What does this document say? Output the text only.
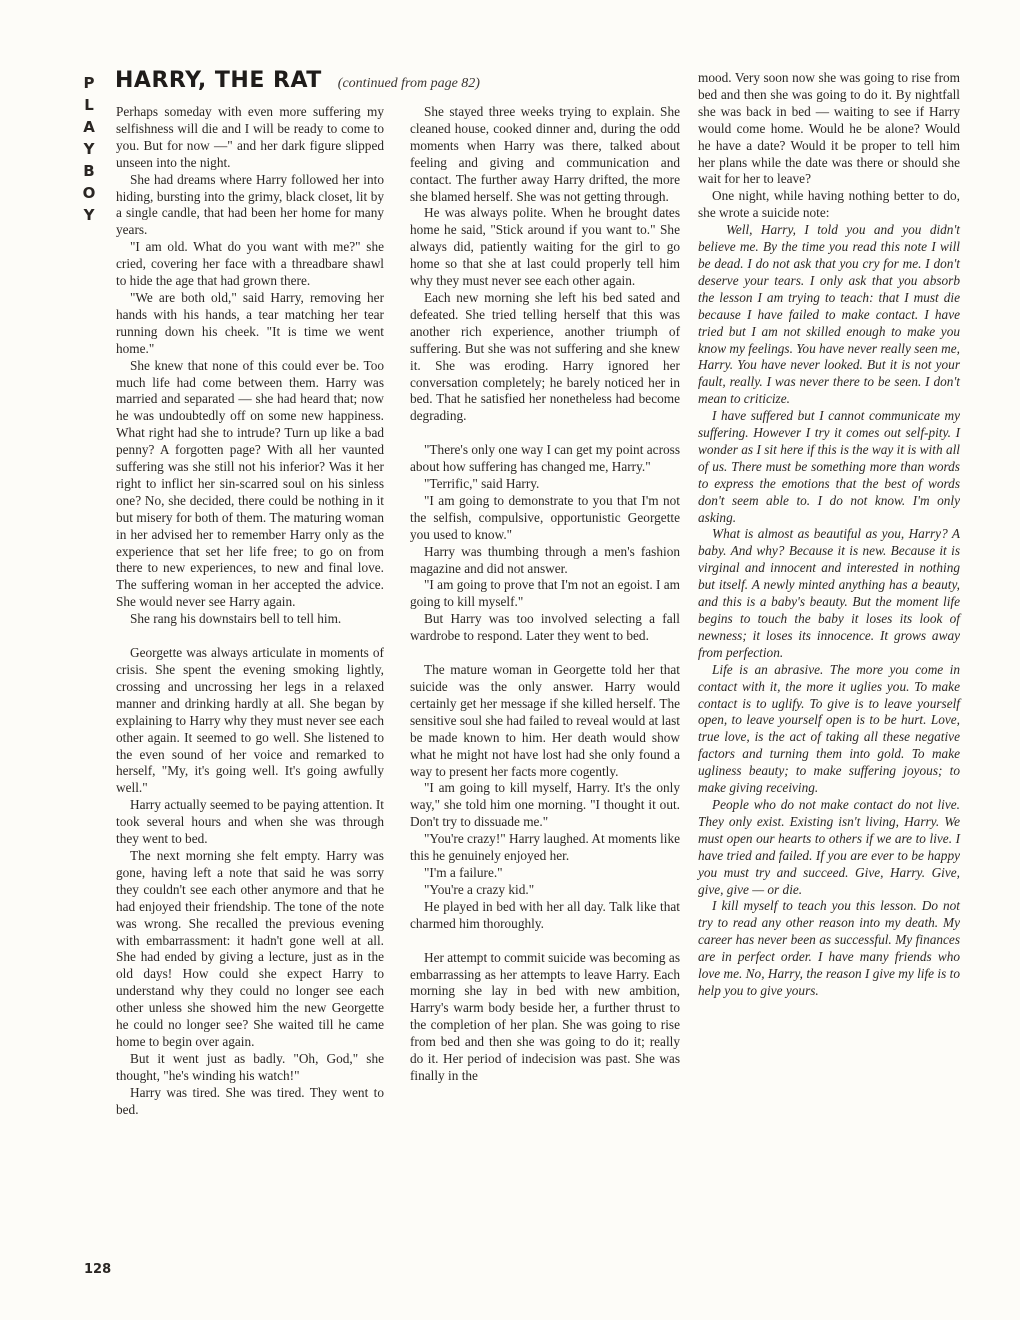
P
L
A
Y
B
O
Y
HARRY, THE RAT (continued from page 82)

Perhaps someday with even more suffering my selfishness will die and I will be ready to come to you. But for now —" and her dark figure slipped unseen into the night.

She had dreams where Harry followed her into hiding, bursting into the grimy, black closet, lit by a single candle, that had been her home for many years.

"I am old. What do you want with me?" she cried, covering her face with a threadbare shawl to hide the age that had grown there.

"We are both old," said Harry, removing her hands with his hands, a tear matching her tear running down his cheek. "It is time we went home."

She knew that none of this could ever be. Too much life had come between them. Harry was married and separated — she had heard that; now he was undoubtedly off on some new happiness. What right had she to intrude? Turn up like a bad penny? A forgotten page? With all her vaunted suffering was she still not his inferior? Was it her right to inflict her sin-scarred soul on his sinless one? No, she decided, there could be nothing in it but misery for both of them. The maturing woman in her advised her to remember Harry only as the experience that set her life free; to go on from there to new experiences, to new and final love. The suffering woman in her accepted the advice. She would never see Harry again.

She rang his downstairs bell to tell him.

Georgette was always articulate in moments of crisis. She spent the evening smoking lightly, crossing and uncrossing her legs in a relaxed manner and drinking hardly at all. She began by explaining to Harry why they must never see each other again. It seemed to go well. She listened to the even sound of her voice and remarked to herself, "My, it's going well. It's going awfully well."

Harry actually seemed to be paying attention. It took several hours and when she was through they went to bed.

The next morning she felt empty. Harry was gone, having left a note that said he was sorry they couldn't see each other anymore and that he had enjoyed their friendship. The tone of the note was wrong. She recalled the previous evening with embarrassment: it hadn't gone well at all. She had ended by giving a lecture, just as in the old days! How could she expect Harry to understand why they could no longer see each other unless she showed him the new Georgette he could no longer see? She waited till he came home to begin over again.

But it went just as badly. "Oh, God," she thought, "he's winding his watch!"

Harry was tired. She was tired. They went to bed.

She stayed three weeks trying to explain. She cleaned house, cooked dinner and, during the odd moments when Harry was there, talked about feeling and giving and communication and contact. The further away Harry drifted, the more she blamed herself. She was not getting through.

He was always polite. When he brought dates home he said, "Stick around if you want to." She always did, patiently waiting for the girl to go home so that she at last could properly tell him why they must never see each other again.

Each new morning she left his bed sated and defeated. She tried telling herself that this was another rich experience, another triumph of suffering. But she was not suffering and she knew it. She was eroding. Harry ignored her conversation completely; he barely noticed her in bed. That he satisfied her nonetheless had become degrading.

"There's only one way I can get my point across about how suffering has changed me, Harry."

"Terrific," said Harry.

"I am going to demonstrate to you that I'm not the selfish, compulsive, opportunistic Georgette you used to know."

Harry was thumbing through a men's fashion magazine and did not answer.

"I am going to prove that I'm not an egoist. I am going to kill myself."

But Harry was too involved selecting a fall wardrobe to respond. Later they went to bed.

The mature woman in Georgette told her that suicide was the only answer. Harry would certainly get her message if she killed herself. The sensitive soul she had failed to reveal would at last be made known to him. Her death would show what he might not have lost had she only found a way to present her facts more cogently.

"I am going to kill myself, Harry. It's the only way," she told him one morning. "I thought it out. Don't try to dissuade me."

"You're crazy!" Harry laughed. At moments like this he genuinely enjoyed her.

"I'm a failure."

"You're a crazy kid."

He played in bed with her all day. Talk like that charmed him thoroughly.

Her attempt to commit suicide was becoming as embarrassing as her attempts to leave Harry. Each morning she lay in bed with new ambition, Harry's warm body beside her, a further thrust to the completion of her plan. She was going to rise from bed and then she was going to do it; really do it. Her period of indecision was past. She was finally in the

mood. Very soon now she was going to rise from bed and then she was going to do it. By nightfall she was back in bed — waiting to see if Harry would come home. Would he be alone? Would he have a date? Would it be proper to tell him her plans while the date was there or should she wait for her to leave?

One night, while having nothing better to do, she wrote a suicide note:

Well, Harry, I told you and you didn't believe me. By the time you read this note I will be dead. I do not ask that you cry for me. I don't deserve your tears. I only ask that you absorb the lesson I am trying to teach: that I must die because I have failed to make contact. I have tried but I am not skilled enough to make you know my feelings. You have never really seen me, Harry. You have never looked. But it is not your fault, really. I was never there to be seen. I don't mean to criticize.

I have suffered but I cannot communicate my suffering. However I try it comes out self-pity. I wonder as I sit here if this is the way it is with all of us. There must be something more than words to express the emotions that the best of words don't seem able to. I do not know. I'm only asking.

What is almost as beautiful as you, Harry? A baby. And why? Because it is new. Because it is virginal and innocent and interested in nothing but itself. A newly minted anything has a beauty, and this is a baby's beauty. But the moment life begins to touch the baby it loses its look of newness; it loses its innocence. It grows away from perfection.

Life is an abrasive. The more you come in contact with it, the more it uglies you. To make contact is to uglify. To give is to leave yourself open, to leave yourself open is to be hurt. Love, true love, is the act of taking all these negative factors and turning them into gold. To make ugliness beauty; to make suffering joyous; to make giving receiving.

People who do not make contact do not live. They only exist. Existing isn't living, Harry. We must open our hearts to others if we are to live. I have tried and failed. If you are ever to be happy you must try and succeed. Give, Harry. Give, give, give — or die.

I kill myself to teach you this lesson. Do not try to read any other reason into my death. My career has never been as successful. My finances are in perfect order. I have many friends who love me. No, Harry, the reason I give my life is to help you to give yours.

128
